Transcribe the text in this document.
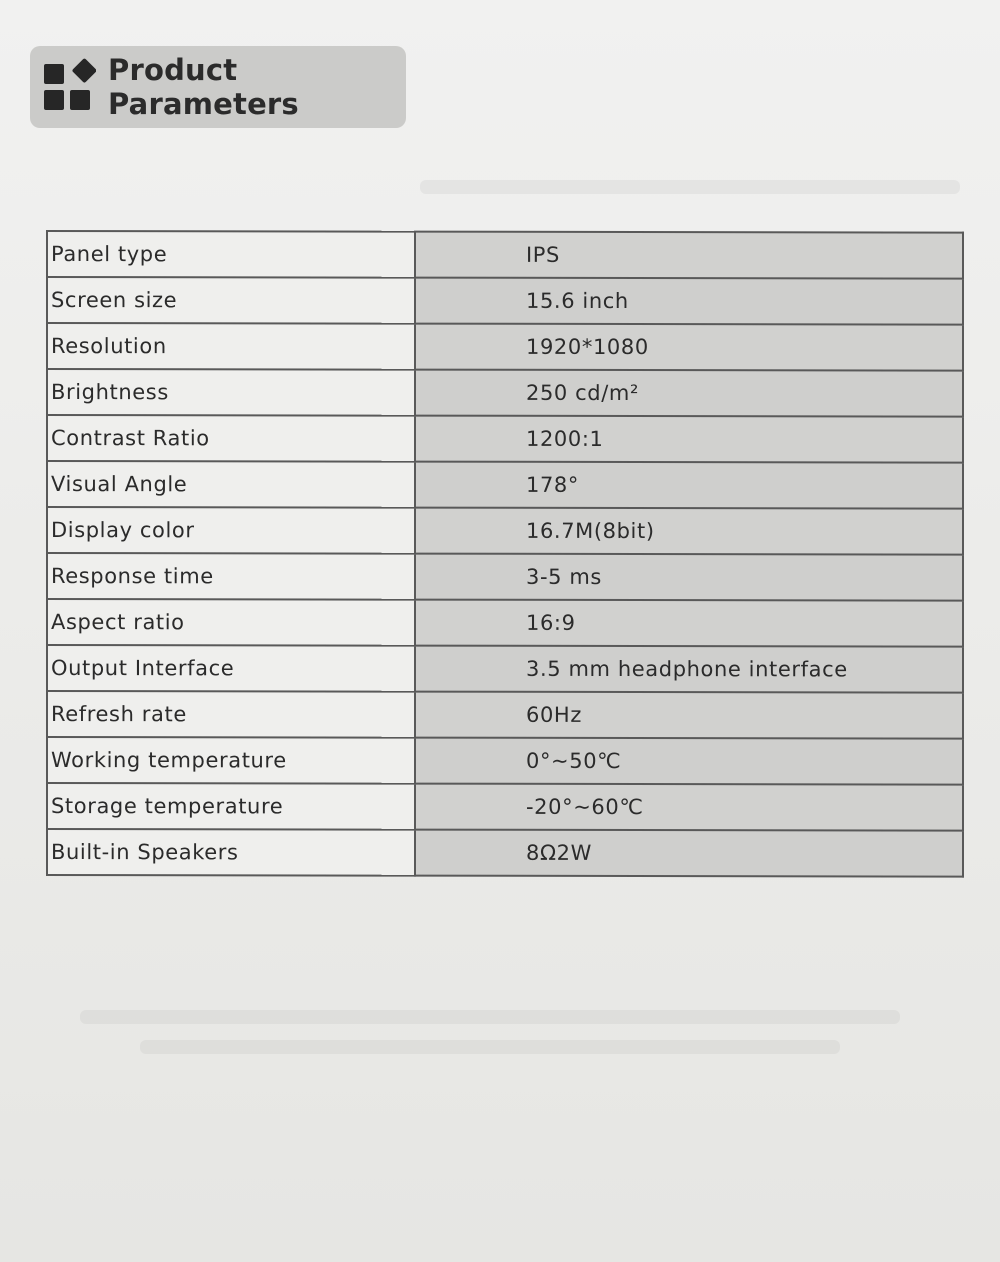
Product Parameters
Panel type	IPS
Screen size	15.6 inch
Resolution	1920*1080
Brightness	250 cd/m²
Contrast Ratio	1200:1
Visual Angle	178°
Display color	16.7M(8bit)
Response time	3-5 ms
Aspect ratio	16:9
Output Interface	3.5 mm headphone interface
Refresh rate	60Hz
Working temperature	0°~50℃
Storage temperature	-20°~60℃
Built-in Speakers	8Ω2W
